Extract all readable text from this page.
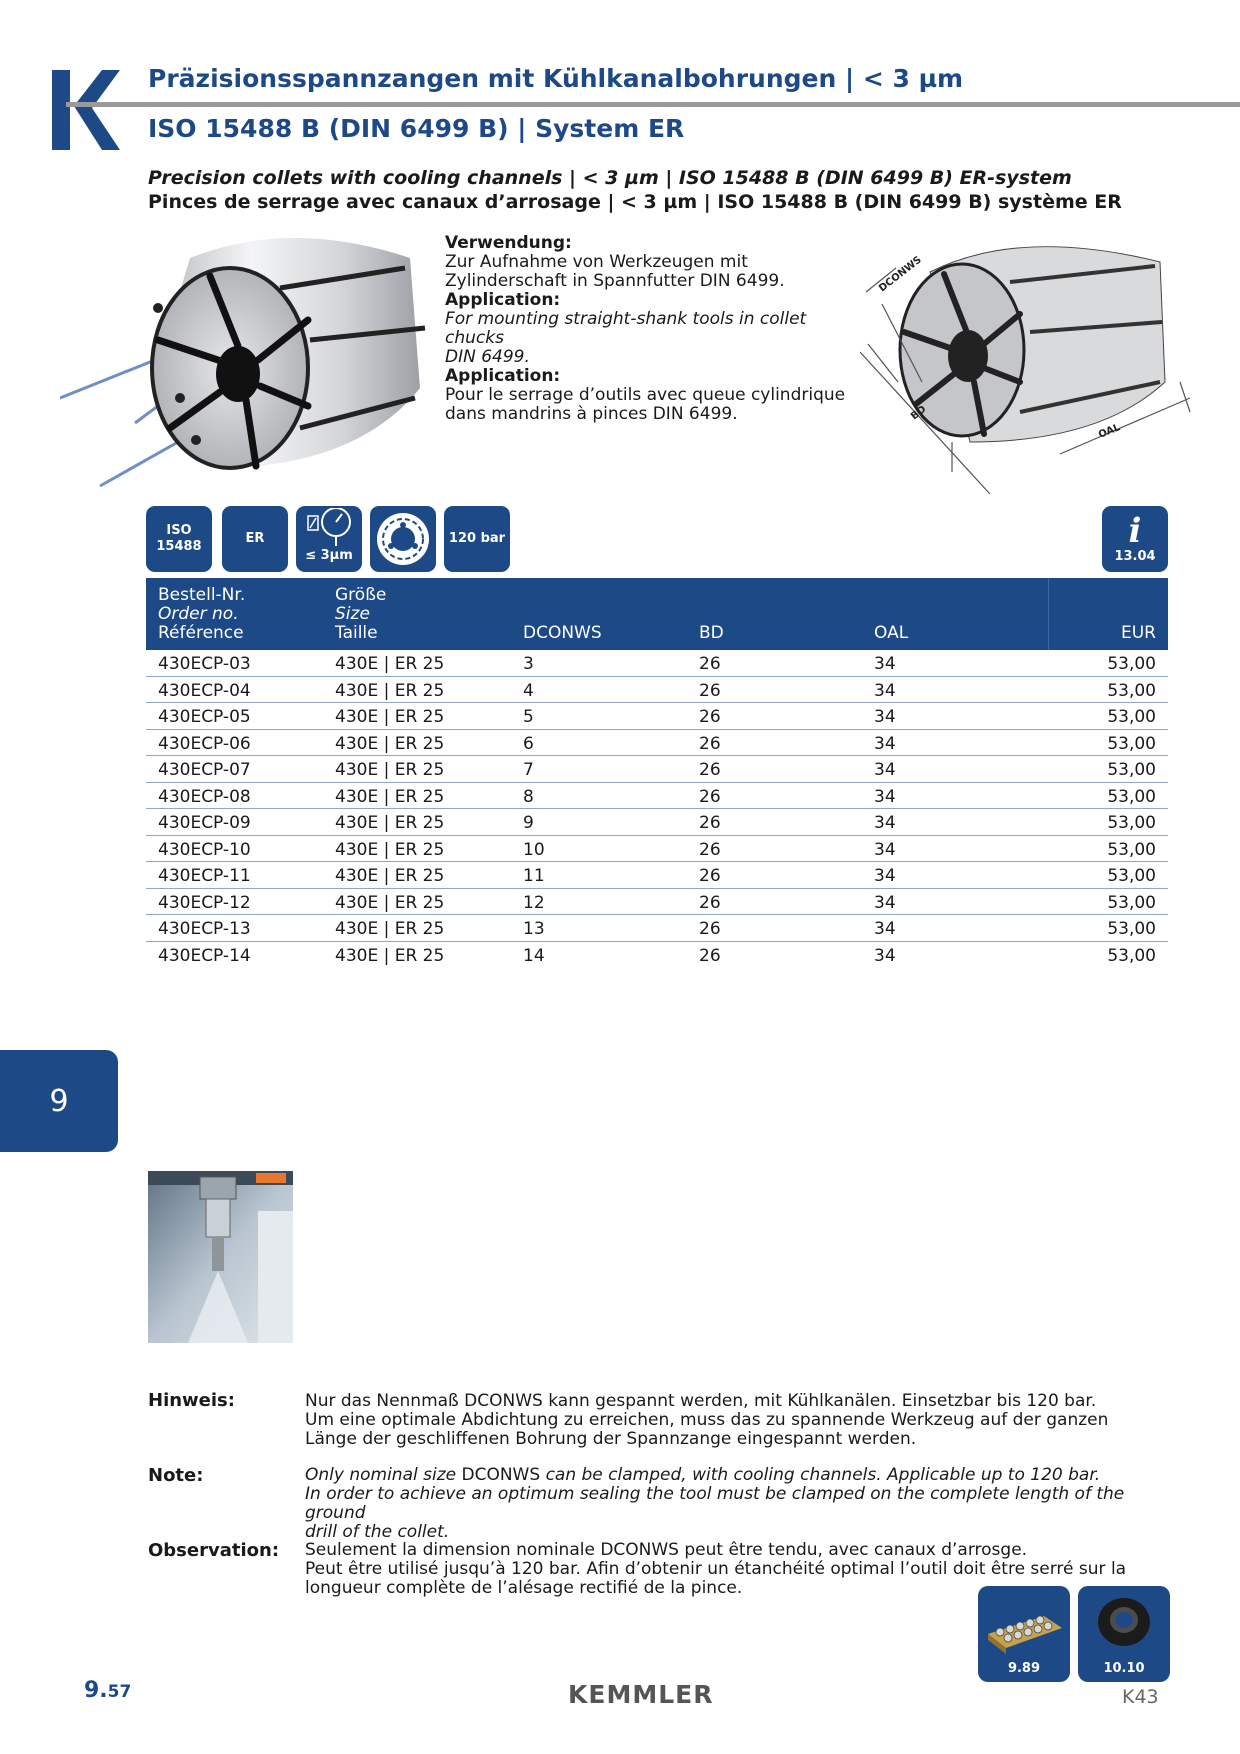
Präzisionsspannzangen mit Kühlkanalbohrungen | < 3 µm
ISO 15488 B (DIN 6499 B) | System ER
Precision collets with cooling channels | < 3 µm | ISO 15488 B (DIN 6499 B) ER-system
Pinces de serrage avec canaux d’arrosage | < 3 µm | ISO 15488 B (DIN 6499 B) système ER
Verwendung:
Zur Aufnahme von Werkzeugen mit
Zylinderschaft in Spannfutter DIN 6499.
Application:
For mounting straight-shank tools in collet chucks
DIN 6499.
Application:
Pour le serrage d’outils avec queue cylindrique
dans mandrins à pinces DIN 6499.
DCONWS
BD
OAL
ISO
15488
ER
≤ 3µm
120 bar	i
13.04
Bestell-Nr.
Order no.
Référence
Größe
Size
Taille	DCONWS	BD	OAL	EUR
430ECP-03	430E | ER 25	3	26	34	53,00
430ECP-04	430E | ER 25	4	26	34	53,00
430ECP-05	430E | ER 25	5	26	34	53,00
430ECP-06	430E | ER 25	6	26	34	53,00
430ECP-07	430E | ER 25	7	26	34	53,00
430ECP-08	430E | ER 25	8	26	34	53,00
430ECP-09	430E | ER 25	9	26	34	53,00
430ECP-10	430E | ER 25	10	26	34	53,00
430ECP-11	430E | ER 25	11	26	34	53,00
430ECP-12	430E | ER 25	12	26	34	53,00
430ECP-13	430E | ER 25	13	26	34	53,00
430ECP-14	430E | ER 25	14	26	34	53,00
9
Hinweis:	Nur das Nennmaß DCONWS kann gespannt werden, mit Kühlkanälen. Einsetzbar bis 120 bar.
Um eine optimale Abdichtung zu erreichen, muss das zu spannende Werkzeug auf der ganzen
Länge der geschliffenen Bohrung der Spannzange eingespannt werden.
Note:	Only nominal size DCONWS can be clamped, with cooling channels. Applicable up to 120 bar.
In order to achieve an optimum sealing the tool must be clamped on the complete length of the ground
drill of the collet.
Observation: Seulement la dimension nominale DCONWS peut être tendu, avec canaux d’arrosge.
Peut être utilisé jusqu’à 120 bar. Afin d’obtenir un étanchéité optimal l’outil doit être serré sur la
longueur complète de l’alésage rectifié de la pince.
9.89	10.10
9.57	KEMMLER	K43
